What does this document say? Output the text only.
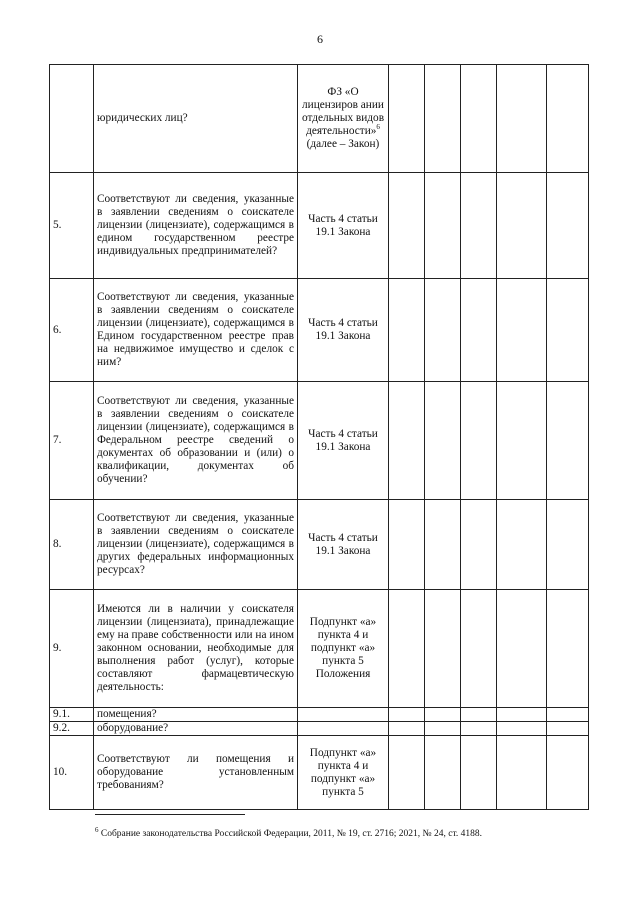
6
	юридических лиц?	ФЗ «О лицензиров ании отдельных видов деятельности»$^6$ (далее – Закон)					
5.	Соответствуют ли сведения, указанные в заявлении сведениям о соискателе лицензии (лицензиате), содержащимся в едином государственном реестре индивидуальных предпринимателей?	Часть 4 статьи 19.1 Закона					
6.	Соответствуют ли сведения, указанные в заявлении сведениям о соискателе лицензии (лицензиате), содержащимся в Едином государственном реестре прав на недвижимое имущество и сделок с ним?	Часть 4 статьи 19.1 Закона					
7.	Соответствуют ли сведения, указанные в заявлении сведениям о соискателе лицензии (лицензиате), содержащимся в Федеральном реестре сведений о документах об образовании и (или) о квалификации, документах об обучении?	Часть 4 статьи 19.1 Закона					
8.	Соответствуют ли сведения, указанные в заявлении сведениям о соискателе лицензии (лицензиате), содержащимся в других федеральных информационных ресурсах?	Часть 4 статьи 19.1 Закона					
9.	Имеются ли в наличии у соискателя лицензии (лицензиата), принадлежащие ему на праве собственности или на ином законном основании, необходимые для выполнения работ (услуг), которые составляют фармацевтическую деятельность:	Подпункт «а» пункта 4 и подпункт «а» пункта 5 Положения					
9.1.	помещения?						
9.2.	оборудование?						
10.	Соответствуют ли помещения и оборудование установленным требованиям?	Подпункт «а» пункта 4 и подпункт «а» пункта 5					
$^6$ Собрание законодательства Российской Федерации, 2011, № 19, ст. 2716; 2021, № 24, ст. 4188.
